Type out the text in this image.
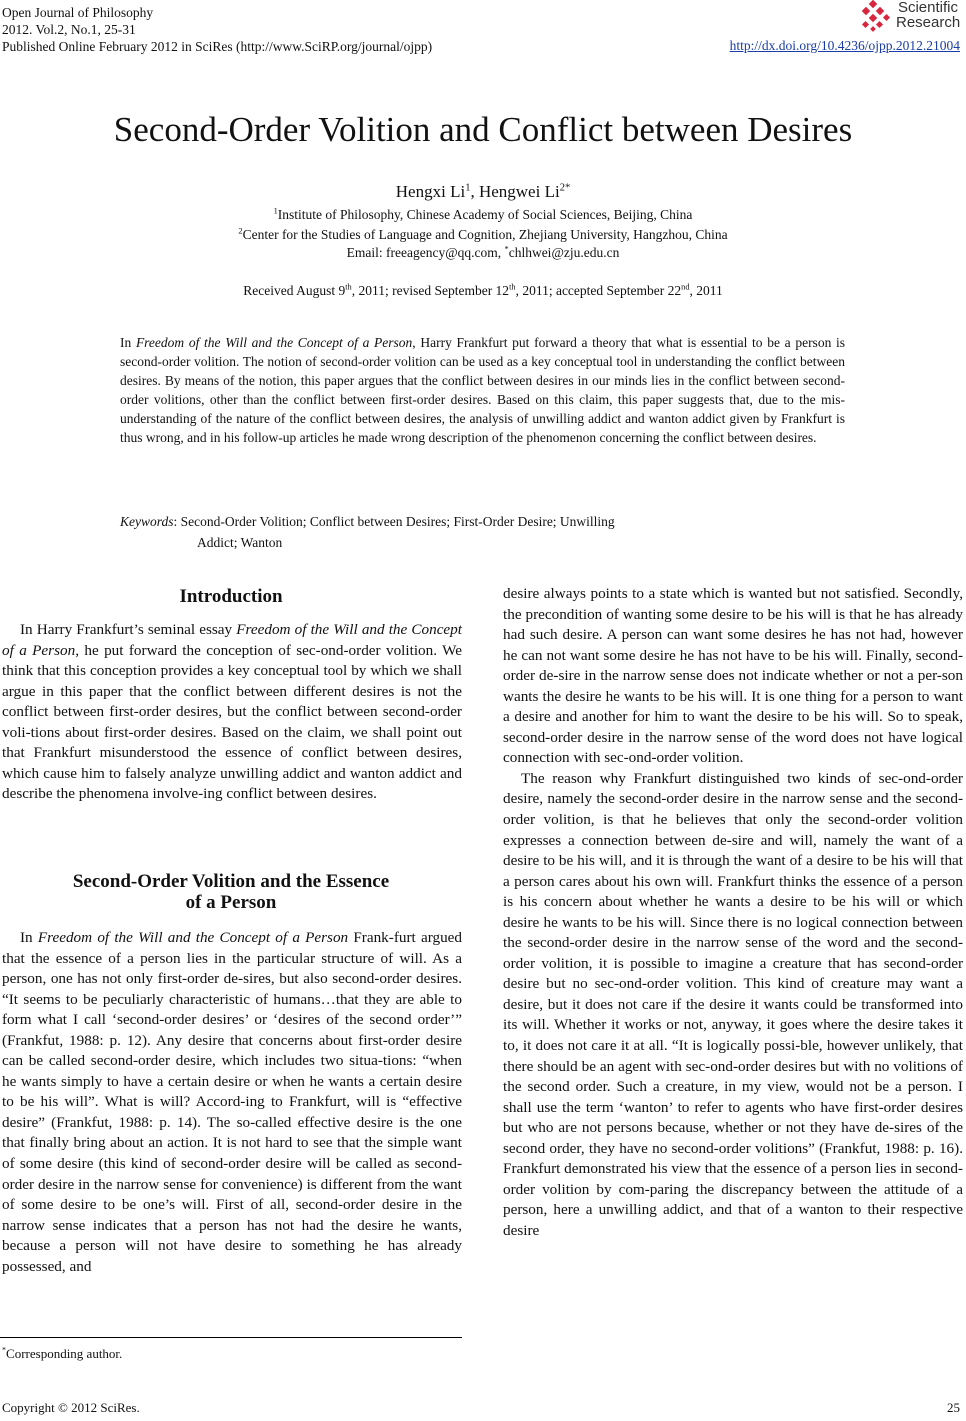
Open Journal of Philosophy
2012. Vol.2, No.1, 25-31
Published Online February 2012 in SciRes (http://www.SciRP.org/journal/ojpp)	http://dx.doi.org/10.4236/ojpp.2012.21004
Scientific
Research
Second-Order Volition and Conflict between Desires
Hengxi Li$^1$, Hengwei $Li^{2*}$
$^1$Institute of Philosophy, Chinese Academy of Social Sciences, Beijing, China
$^2$Center for the Studies of Language and Cognition, Zhejiang University, Hangzhou, China
Email: freeagency@qq.com, *chlhwei@zju.edu.cn
Received August 9th, 2011; revised September 12th, 2011; accepted September 22nd, 2011
In Freedom of the Will and the Concept of a Person, Harry Frankfurt put forward a theory that what is essential to be a person is second-order volition. The notion of second-order volition can be used as a key conceptual tool in understanding the conflict between desires. By means of the notion, this paper argues that the conflict between desires in our minds lies in the conflict between second-order volitions, other than the conflict between first-order desires. Based on this claim, this paper suggests that, due to the mis-understanding of the nature of the conflict between desires, the analysis of unwilling addict and wanton addict given by Frankfurt is thus wrong, and in his follow-up articles he made wrong description of the phenomenon concerning the conflict between desires.
Keywords: Second-Order Volition; Conflict between Desires; First-Order Desire; Unwilling
Addict; Wanton
Introduction

In Harry Frankfurt’s seminal essay Freedom of the Will and the Concept of a Person, he put forward the conception of sec-ond-order volition. We think that this conception provides a key conceptual tool by which we shall argue in this paper that the conflict between different desires is not the conflict between first-order desires, but the conflict between second-order voli-tions about first-order desires. Based on the claim, we shall point out that Frankfurt misunderstood the essence of conflict between desires, which cause him to falsely analyze unwilling addict and wanton addict and describe the phenomena involve-ing conflict between desires.

Second-Order Volition and the Essence
of a Person

In Freedom of the Will and the Concept of a Person Frank-furt argued that the essence of a person lies in the particular structure of will. As a person, one has not only first-order de-sires, but also second-order desires. “It seems to be peculiarly characteristic of humans…that they are able to form what I call ‘second-order desires’ or ‘desires of the second order’” (Frankfut, 1988: p. 12). Any desire that concerns about first-order desire can be called second-order desire, which includes two situa-tions: “when he wants simply to have a certain desire or when he wants a certain desire to be his will”. What is will? Accord-ing to Frankfurt, will is “effective desire” (Frankfut, 1988: p. 14). The so-called effective desire is the one that finally bring about an action. It is not hard to see that the simple want of some desire (this kind of second-order desire will be called as second-order desire in the narrow sense for convenience) is different from the want of some desire to be one’s will. First of all, second-order desire in the narrow sense indicates that a person has not had the desire he wants, because a person will not have desire to something he has already possessed, and

desire always points to a state which is wanted but not satisfied. Secondly, the precondition of wanting some desire to be his will is that he has already had such desire. A person can want some desires he has not had, however he can not want some desire he has not have to be his will. Finally, second-order de-sire in the narrow sense does not indicate whether or not a per-son wants the desire he wants to be his will. It is one thing for a person to want a desire and another for him to want the desire to be his will. So to speak, second-order desire in the narrow sense of the word does not have logical connection with sec-ond-order volition.

The reason why Frankfurt distinguished two kinds of sec-ond-order desire, namely the second-order desire in the narrow sense and the second-order volition, is that he believes that only the second-order volition expresses a connection between de-sire and will, namely the want of a desire to be his will, and it is through the want of a desire to be his will that a person cares about his own will. Frankfurt thinks the essence of a person is his concern about whether he wants a desire to be his will or which desire he wants to be his will. Since there is no logical connection between the second-order desire in the narrow sense of the word and the second-order volition, it is possible to imagine a creature that has second-order desire but no sec-ond-order volition. This kind of creature may want a desire, but it does not care if the desire it wants could be transformed into its will. Whether it works or not, anyway, it goes where the desire takes it to, it does not care it at all. “It is logically possi-ble, however unlikely, that there should be an agent with sec-ond-order desires but with no volitions of the second order. Such a creature, in my view, would not be a person. I shall use the term ‘wanton’ to refer to agents who have first-order desires but who are not persons because, whether or not they have de-sires of the second order, they have no second-order volitions” (Frankfut, 1988: p. 16). Frankfurt demonstrated his view that the essence of a person lies in second-order volition by com-paring the discrepancy between the attitude of a person, here a unwilling addict, and that of a wanton to their respective desire

*Corresponding author.
Copyright © 2012 SciRes.	25
